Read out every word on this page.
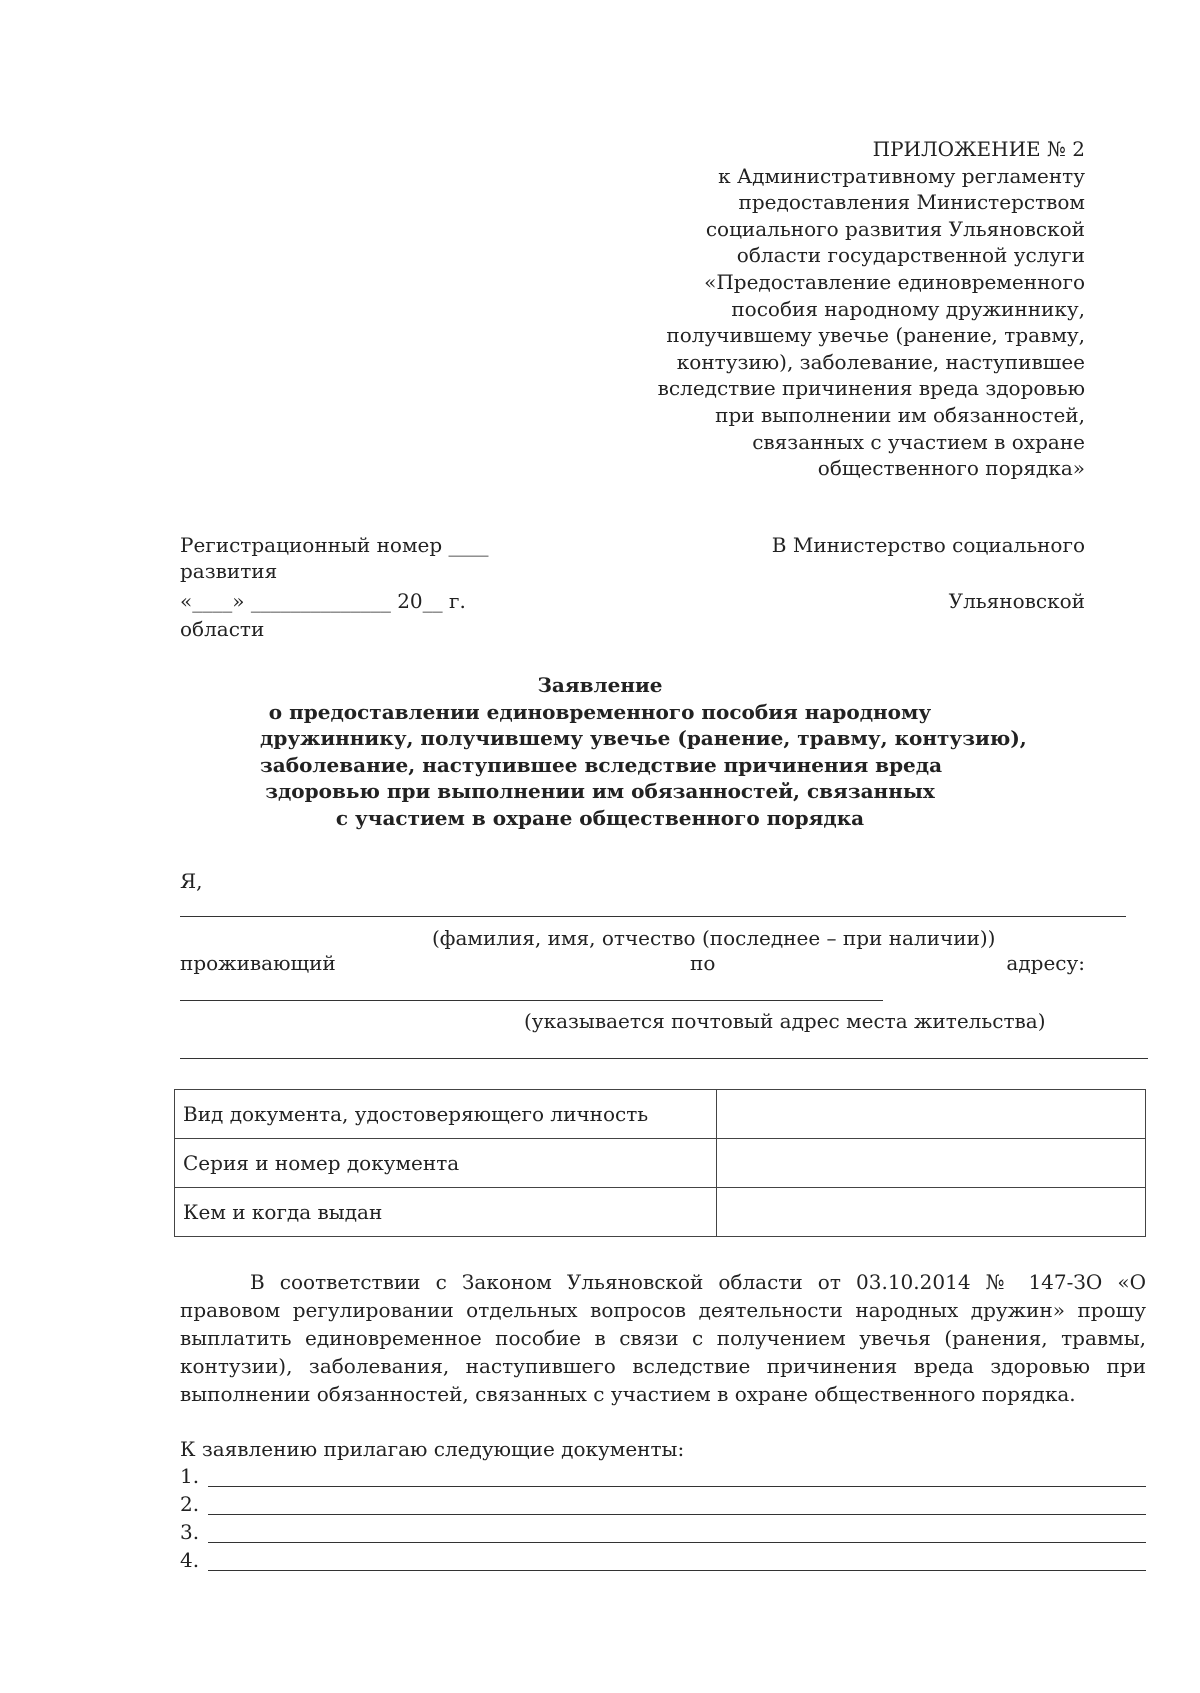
ПРИЛОЖЕНИЕ № 2
к Административному регламенту
предоставления Министерством
социального развития Ульяновской
области государственной услуги
«Предоставление единовременного
пособия народному дружиннику,
получившему увечье (ранение, травму,
контузию), заболевание, наступившее
вследствие причинения вреда здоровью
при выполнении им обязанностей,
связанных с участием в охране
общественного порядка»
Регистрационный номер ____
развития
«____» ______________ 20__ г.
области
В Министерство социального
Ульяновской
Заявление
о предоставлении единовременного пособия народному
дружиннику, получившему увечье (ранение, травму, контузию),
заболевание, наступившее вследствие причинения вреда
здоровью при выполнении им обязанностей, связанных
с участием в охране общественного порядка
Я,
(фамилия, имя, отчество (последнее – при наличии))
проживающий	по	адресу:
(указывается почтовый адрес места жительства)
Вид документа, удостоверяющего личность	
Серия и номер документа	
Кем и когда выдан	
В соответствии с Законом Ульяновской области от 03.10.2014 № 147-ЗО «О правовом регулировании отдельных вопросов деятельности народных дружин» прошу выплатить единовременное пособие в связи с получением увечья (ранения, травмы, контузии), заболевания, наступившего вследствие причинения вреда здоровью при выполнении обязанностей, связанных с участием в охране общественного порядка.
К заявлению прилагаю следующие документы:
1.
2.
3.
4.
